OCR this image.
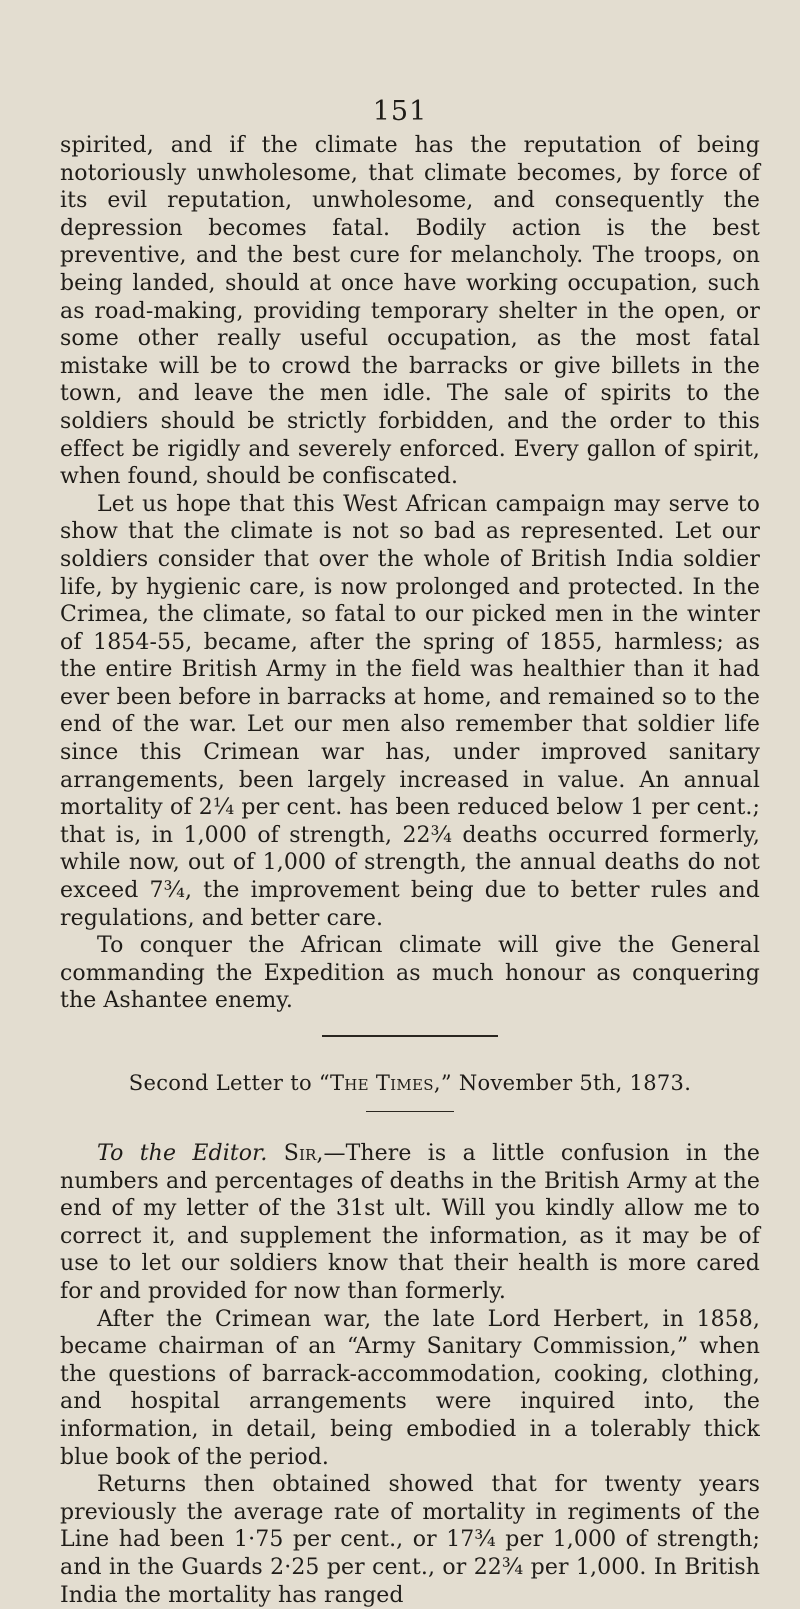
151

spirited, and if the climate has the reputation of being notoriously unwholesome, that climate becomes, by force of its evil reputation, unwholesome, and consequently the depression becomes fatal. Bodily action is the best preventive, and the best cure for melancholy. The troops, on being landed, should at once have working occupation, such as road-making, providing temporary shelter in the open, or some other really useful occupation, as the most fatal mistake will be to crowd the barracks or give billets in the town, and leave the men idle. The sale of spirits to the soldiers should be strictly forbidden, and the order to this effect be rigidly and severely enforced. Every gallon of spirit, when found, should be confiscated.

Let us hope that this West African campaign may serve to show that the climate is not so bad as represented. Let our soldiers consider that over the whole of British India soldier life, by hygienic care, is now prolonged and protected. In the Crimea, the climate, so fatal to our picked men in the winter of 1854-55, became, after the spring of 1855, harmless; as the entire British Army in the field was healthier than it had ever been before in barracks at home, and remained so to the end of the war. Let our men also remember that soldier life since this Crimean war has, under improved sanitary arrangements, been largely increased in value. An annual mortality of 2¼ per cent. has been reduced below 1 per cent.; that is, in 1,000 of strength, 22¾ deaths occurred formerly, while now, out of 1,000 of strength, the annual deaths do not exceed 7¾, the improvement being due to better rules and regulations, and better care.

To conquer the African climate will give the General commanding the Expedition as much honour as conquering the Ashantee enemy.

Second Letter to “The Times,” November 5th, 1873.

To the Editor. Sir,—There is a little confusion in the numbers and percentages of deaths in the British Army at the end of my letter of the 31st ult. Will you kindly allow me to correct it, and supplement the information, as it may be of use to let our soldiers know that their health is more cared for and provided for now than formerly.

After the Crimean war, the late Lord Herbert, in 1858, became chairman of an “Army Sanitary Commission,” when the questions of barrack-accommodation, cooking, clothing, and hospital arrangements were inquired into, the information, in detail, being embodied in a tolerably thick blue book of the period.

Returns then obtained showed that for twenty years previously the average rate of mortality in regiments of the Line had been 1·75 per cent., or 17¾ per 1,000 of strength; and in the Guards 2·25 per cent., or 22¾ per 1,000. In British India the mortality has ranged
